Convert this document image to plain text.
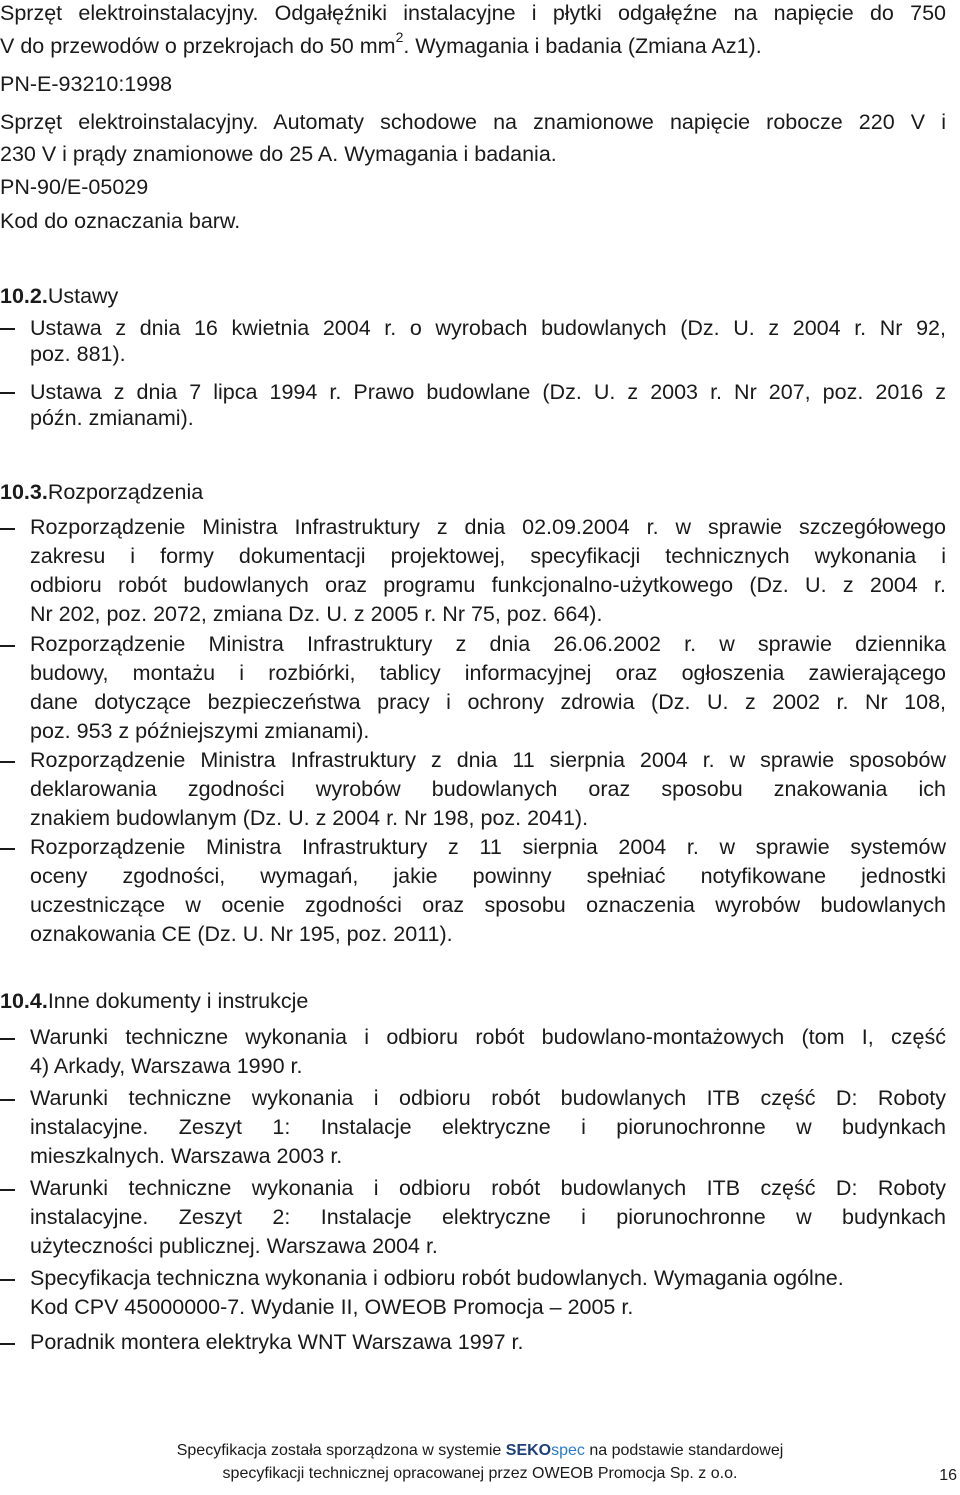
Sprzęt elektroinstalacyjny. Odgałęźniki instalacyjne i płytki odgałęźne na napięcie do 750
V do przewodów o przekrojach do 50 $mm^2$. Wymagania i badania (Zmiana Az1).
PN-E-93210:1998
Sprzęt elektroinstalacyjny. Automaty schodowe na znamionowe napięcie robocze 220 V i
230 V i prądy znamionowe do 25 A. Wymagania i badania.
PN-90/E-05029
Kod do oznaczania barw.
10.2.Ustawy
Ustawa z dnia 16 kwietnia 2004 r. o wyrobach budowlanych (Dz. U. z 2004 r. Nr 92,
poz. 881).
Ustawa z dnia 7 lipca 1994 r. Prawo budowlane (Dz. U. z 2003 r. Nr 207, poz. 2016 z
późn. zmianami).
10.3.Rozporządzenia
Rozporządzenie Ministra Infrastruktury z dnia 02.09.2004 r. w sprawie szczegółowego
zakresu i formy dokumentacji projektowej, specyfikacji technicznych wykonania i
odbioru robót budowlanych oraz programu funkcjonalno-użytkowego (Dz. U. z 2004 r.
Nr 202, poz. 2072, zmiana Dz. U. z 2005 r. Nr 75, poz. 664).
Rozporządzenie Ministra Infrastruktury z dnia 26.06.2002 r. w sprawie dziennika
budowy, montażu i rozbiórki, tablicy informacyjnej oraz ogłoszenia zawierającego
dane dotyczące bezpieczeństwa pracy i ochrony zdrowia (Dz. U. z 2002 r. Nr 108,
poz. 953 z późniejszymi zmianami).
Rozporządzenie Ministra Infrastruktury z dnia 11 sierpnia 2004 r. w sprawie sposobów
deklarowania zgodności wyrobów budowlanych oraz sposobu znakowania ich
znakiem budowlanym (Dz. U. z 2004 r. Nr 198, poz. 2041).
Rozporządzenie Ministra Infrastruktury z 11 sierpnia 2004 r. w sprawie systemów
oceny zgodności, wymagań, jakie powinny spełniać notyfikowane jednostki
uczestniczące w ocenie zgodności oraz sposobu oznaczenia wyrobów budowlanych
oznakowania CE (Dz. U. Nr 195, poz. 2011).
10.4.Inne dokumenty i instrukcje
Warunki techniczne wykonania i odbioru robót budowlano-montażowych (tom I, część
4) Arkady, Warszawa 1990 r.
Warunki techniczne wykonania i odbioru robót budowlanych ITB część D: Roboty
instalacyjne. Zeszyt 1: Instalacje elektryczne i piorunochronne w budynkach
mieszkalnych. Warszawa 2003 r.
Warunki techniczne wykonania i odbioru robót budowlanych ITB część D: Roboty
instalacyjne. Zeszyt 2: Instalacje elektryczne i piorunochronne w budynkach
użyteczności publicznej. Warszawa 2004 r.
Specyfikacja techniczna wykonania i odbioru robót budowlanych. Wymagania ogólne.
Kod CPV 45000000-7. Wydanie II, OWEOB Promocja – 2005 r.
Poradnik montera elektryka WNT Warszawa 1997 r.
Specyfikacja została sporządzona w systemie SEKOspec na podstawie standardowej
specyfikacji technicznej opracowanej przez OWEOB Promocja Sp. z o.o.	16
